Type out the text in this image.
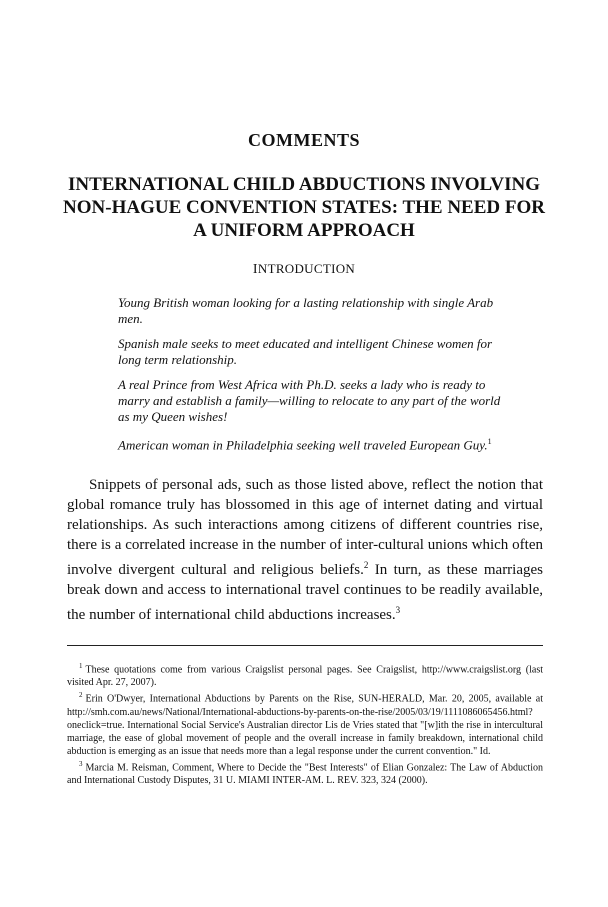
COMMENTS
INTERNATIONAL CHILD ABDUCTIONS INVOLVING NON-HAGUE CONVENTION STATES: THE NEED FOR A UNIFORM APPROACH
INTRODUCTION

Young British woman looking for a lasting relationship with single Arab men.

Spanish male seeks to meet educated and intelligent Chinese women for long term relationship.

A real Prince from West Africa with Ph.D. seeks a lady who is ready to marry and establish a family—willing to relocate to any part of the world as my Queen wishes!

American woman in Philadelphia seeking well traveled European Guy.$^1$

Snippets of personal ads, such as those listed above, reflect the notion that global romance truly has blossomed in this age of internet dating and virtual relationships. As such interactions among citizens of different countries rise, there is a correlated increase in the number of inter-cultural unions which often involve divergent cultural and religious beliefs.$^2$ In turn, as these marriages break down and access to international travel continues to be readily available, the number of international child abductions increases.$^3$

$^1$ These quotations come from various Craigslist personal pages. See Craigslist, http://www.craigslist.org (last visited Apr. 27, 2007).

$^2$ Erin O'Dwyer, International Abductions by Parents on the Rise, SUN-HERALD, Mar. 20, 2005, available at http://smh.com.au/news/National/International-abductions-by-parents-on-the-rise/2005/03/19/1111086065456.html?oneclick=true. International Social Service's Australian director Lis de Vries stated that "[w]ith the rise in intercultural marriage, the ease of global movement of people and the overall increase in family breakdown, international child abduction is emerging as an issue that needs more than a legal response under the current convention." Id.

$^3$ Marcia M. Reisman, Comment, Where to Decide the "Best Interests" of Elian Gonzalez: The Law of Abduction and International Custody Disputes, 31 U. MIAMI INTER-AM. L. REV. 323, 324 (2000).
